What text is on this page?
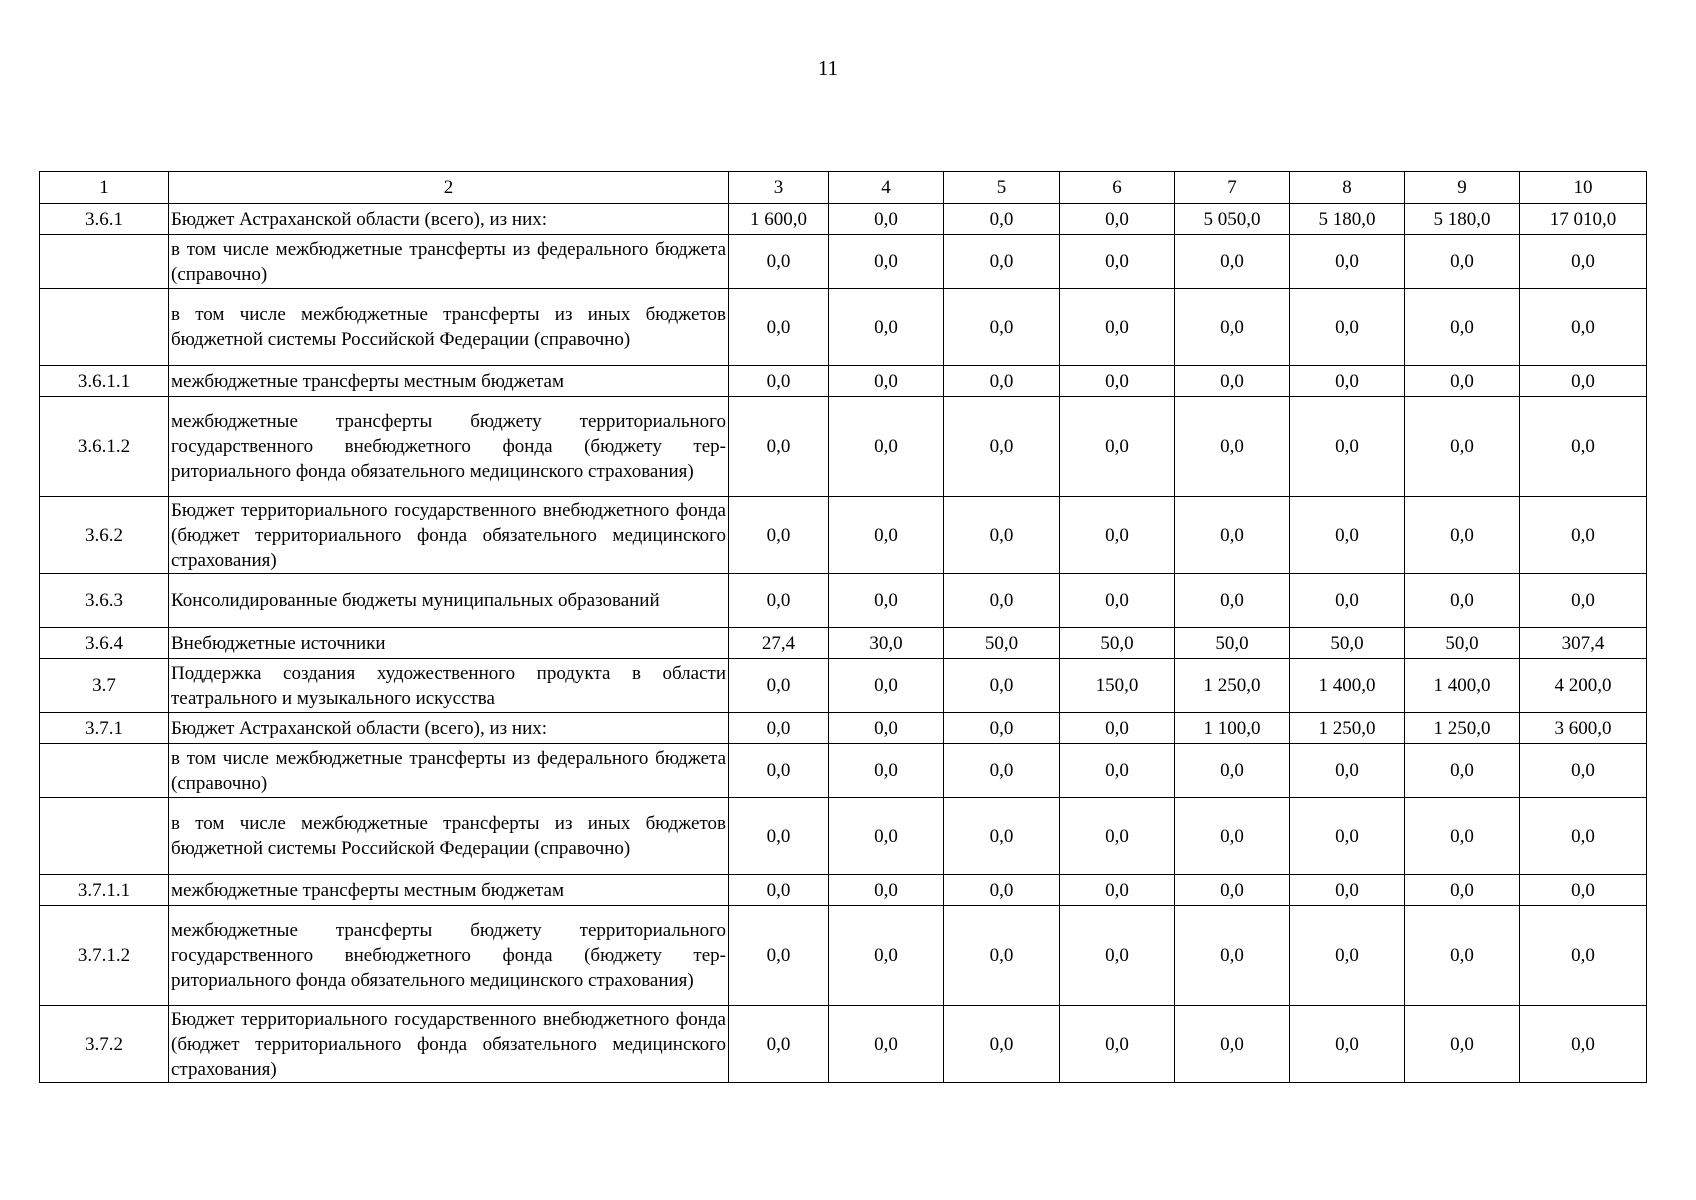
11
1	2	3	4	5	6	7	8	9	10
3.6.1	Бюджет Астраханской области (всего), из них:	1 600,0	0,0	0,0	0,0	5 050,0	5 180,0	5 180,0	17 010,0
	в том числе межбюджетные трансферты из федерального бюджета (справочно)	0,0	0,0	0,0	0,0	0,0	0,0	0,0	0,0
	в том числе межбюджетные трансферты из иных бюджетов бюджетной системы Российской Федерации (справочно)	0,0	0,0	0,0	0,0	0,0	0,0	0,0	0,0
3.6.1.1	межбюджетные трансферты местным бюджетам	0,0	0,0	0,0	0,0	0,0	0,0	0,0	0,0
3.6.1.2	межбюджетные трансферты бюджету территориального государственного внебюджетного фонда (бюджету территориального фонда обязательного медицинского страхования)	0,0	0,0	0,0	0,0	0,0	0,0	0,0	0,0
3.6.2	Бюджет территориального государственного внебюджетного фонда (бюджет территориального фонда обязательного медицинского страхования)	0,0	0,0	0,0	0,0	0,0	0,0	0,0	0,0
3.6.3	Консолидированные бюджеты муниципальных образований	0,0	0,0	0,0	0,0	0,0	0,0	0,0	0,0
3.6.4	Внебюджетные источники	27,4	30,0	50,0	50,0	50,0	50,0	50,0	307,4
3.7	Поддержка создания художественного продукта в области театрального и музыкального искусства	0,0	0,0	0,0	150,0	1 250,0	1 400,0	1 400,0	4 200,0
3.7.1	Бюджет Астраханской области (всего), из них:	0,0	0,0	0,0	0,0	1 100,0	1 250,0	1 250,0	3 600,0
	в том числе межбюджетные трансферты из федерального бюджета (справочно)	0,0	0,0	0,0	0,0	0,0	0,0	0,0	0,0
	в том числе межбюджетные трансферты из иных бюджетов бюджетной системы Российской Федерации (справочно)	0,0	0,0	0,0	0,0	0,0	0,0	0,0	0,0
3.7.1.1	межбюджетные трансферты местным бюджетам	0,0	0,0	0,0	0,0	0,0	0,0	0,0	0,0
3.7.1.2	межбюджетные трансферты бюджету территориального государственного внебюджетного фонда (бюджету территориального фонда обязательного медицинского страхования)	0,0	0,0	0,0	0,0	0,0	0,0	0,0	0,0
3.7.2	Бюджет территориального государственного внебюджетного фонда (бюджет территориального фонда обязательного медицинского страхования)	0,0	0,0	0,0	0,0	0,0	0,0	0,0	0,0
